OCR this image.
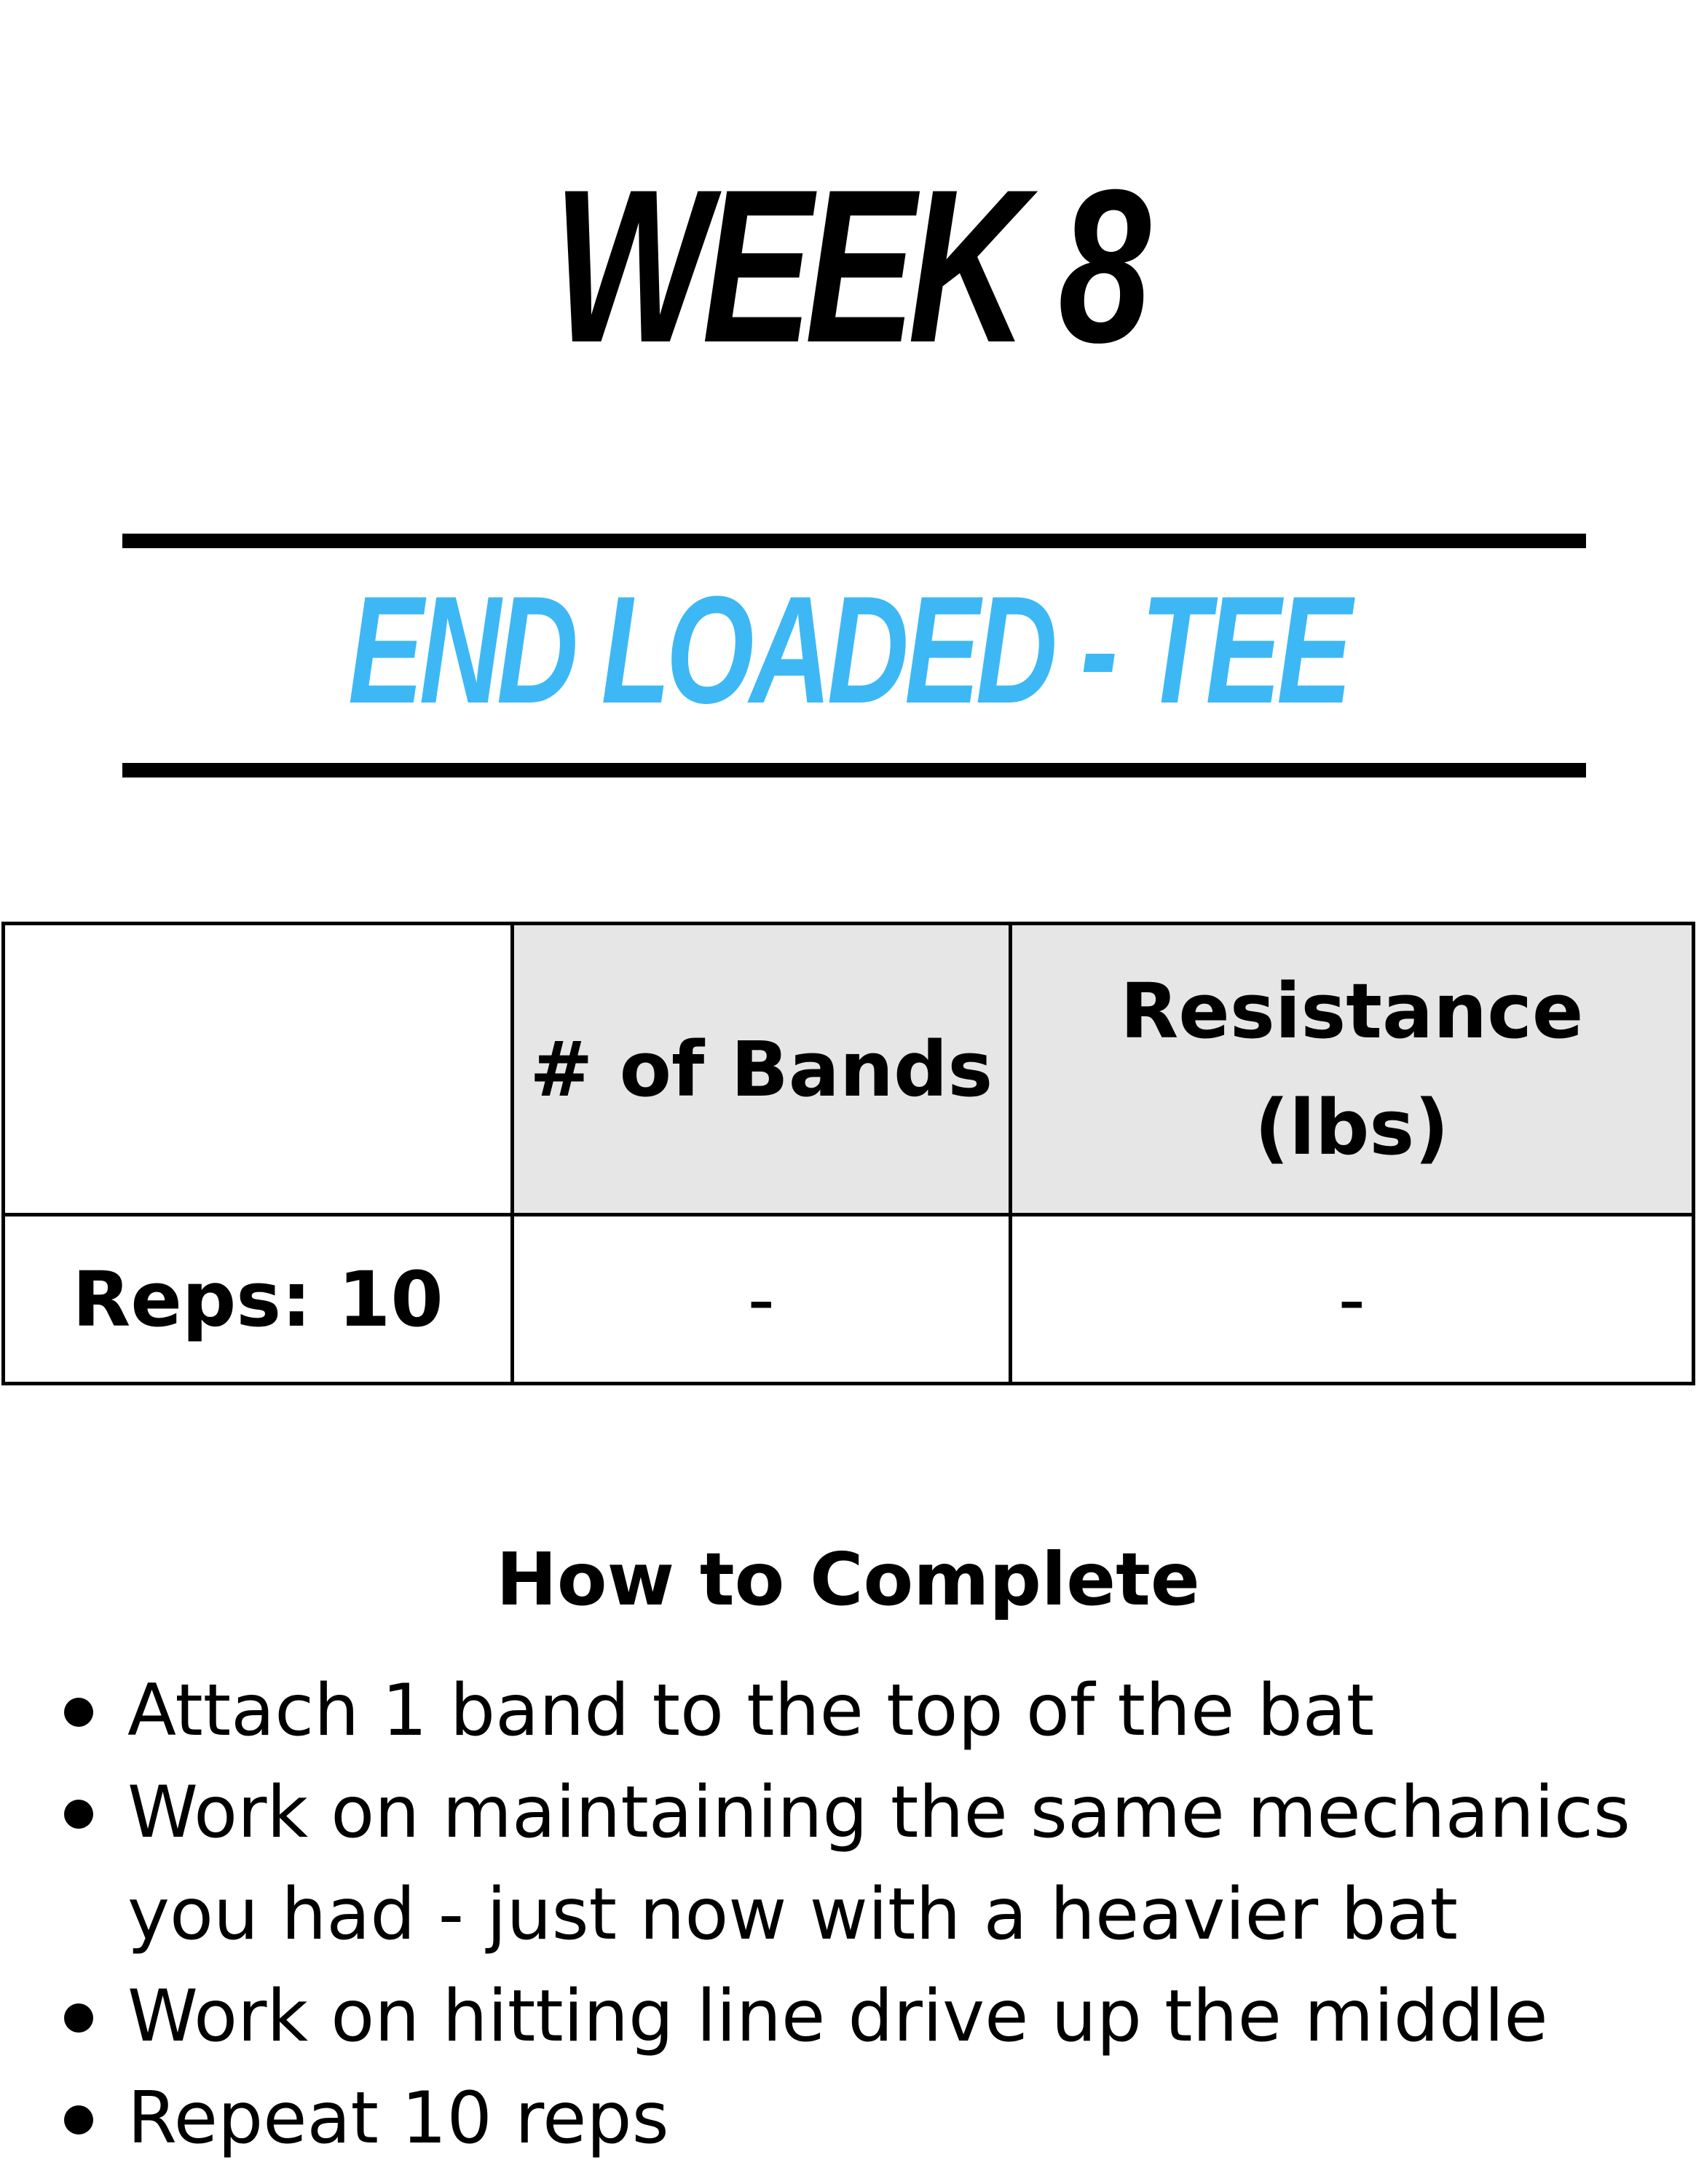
WEEK 8
END LOADED - TEE
	# of Bands	Resistance
(lbs)
Reps: 10	-	-
How to Complete
Attach 1 band to the top of the bat
Work on maintaining the same mechanics
you had - just now with a heavier bat
Work on hitting line drive up the middle
Repeat 10 reps
